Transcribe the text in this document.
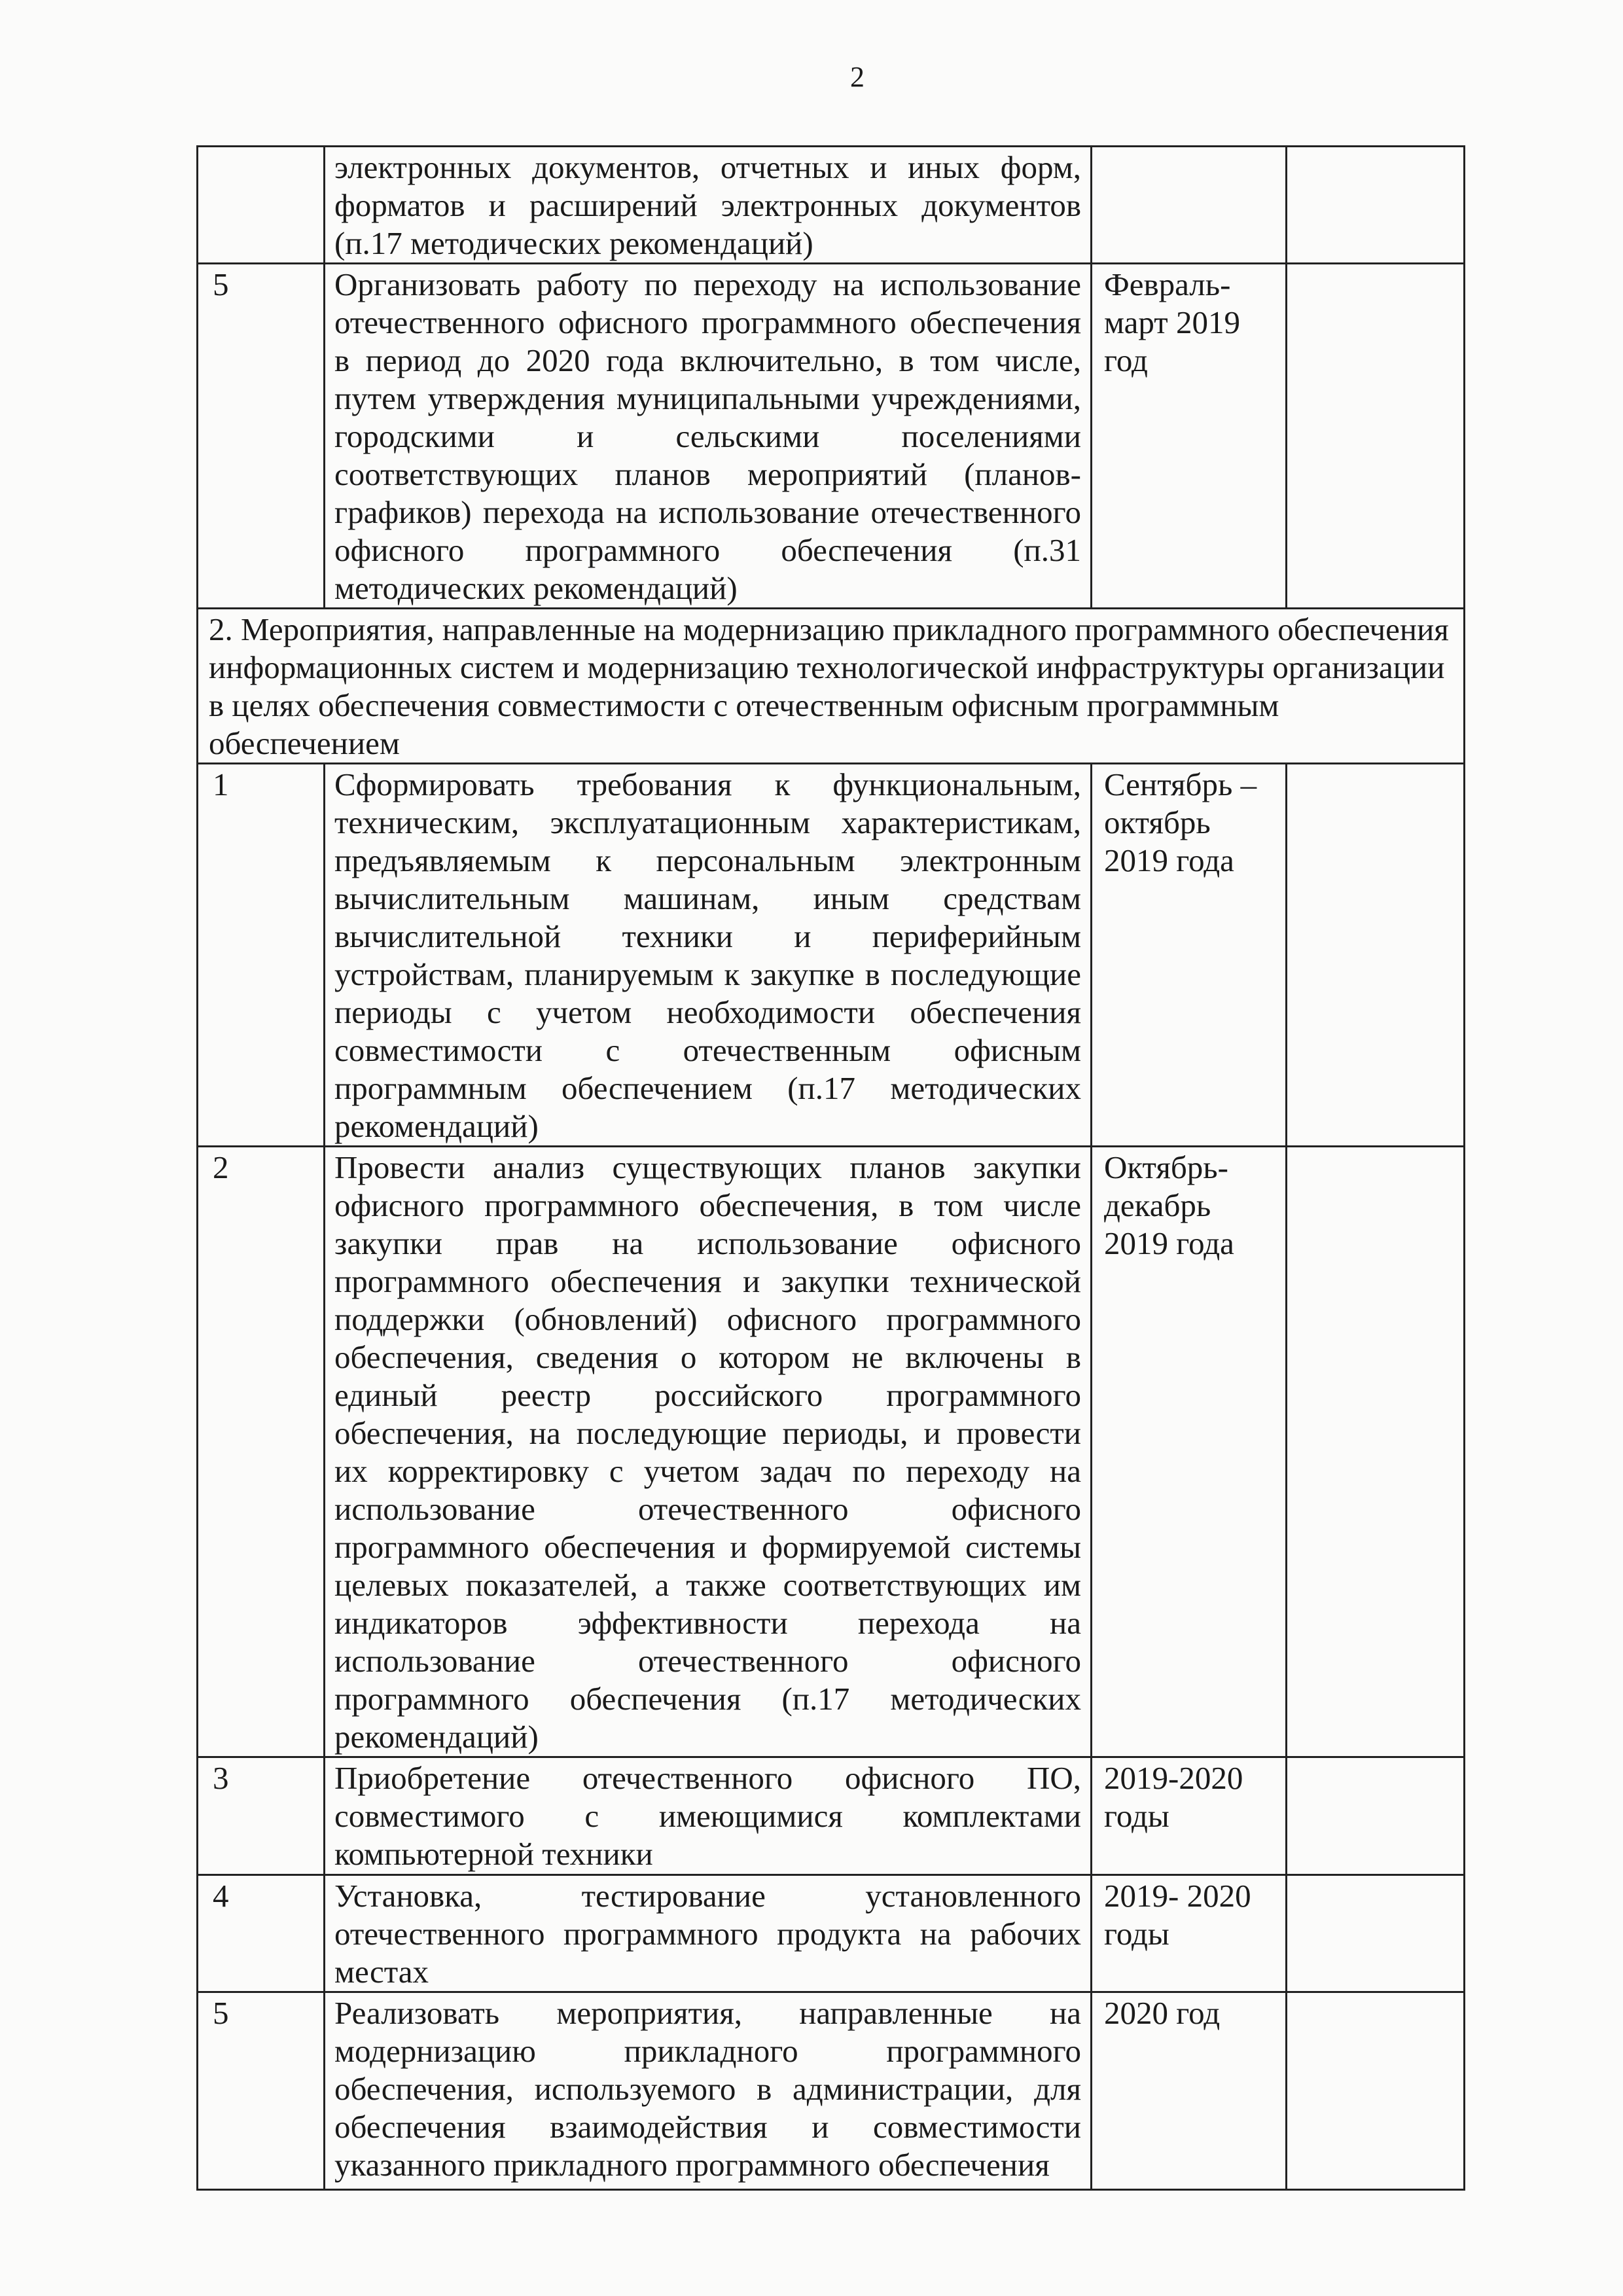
2
	электронных документов, отчетных и иных форм, форматов и расширений электронных документов (п.17 методических рекомендаций)		
5	Организовать работу по переходу на использование отечественного офисного программного обеспечения в период до 2020 года включительно, в том числе, путем утверждения муниципальными учреждениями, городскими и сельскими поселениями соответствующих планов мероприятий (планов-графиков) перехода на использование отечественного офисного программного обеспечения (п.31 методических рекомендаций)	Февраль-март 2019 год	
2. Мероприятия, направленные на модернизацию прикладного программного обеспечения информационных систем и модернизацию технологической инфраструктуры организации в целях обеспечения совместимости с отечественным офисным программным обеспечением			
1	Сформировать требования к функциональным, техническим, эксплуатационным характеристикам, предъявляемым к персональным электронным вычислительным машинам, иным средствам вычислительной техники и периферийным устройствам, планируемым к закупке в последующие периоды с учетом необходимости обеспечения совместимости с отечественным офисным программным обеспечением (п.17 методических рекомендаций)	Сентябрь – октябрь 2019 года	
2	Провести анализ существующих планов закупки офисного программного обеспечения, в том числе закупки прав на использование офисного программного обеспечения и закупки технической поддержки (обновлений) офисного программного обеспечения, сведения о котором не включены в единый реестр российского программного обеспечения, на последующие периоды, и провести их корректировку с учетом задач по переходу на использование отечественного офисного программного обеспечения и формируемой системы целевых показателей, а также соответствующих им индикаторов эффективности перехода на использование отечественного офисного программного обеспечения (п.17 методических рекомендаций)	Октябрь-декабрь 2019 года	
3	Приобретение отечественного офисного ПО, совместимого с имеющимися комплектами компьютерной техники	2019-2020 годы	
4	Установка, тестирование установленного отечественного программного продукта на рабочих местах	2019- 2020 годы	
5	Реализовать мероприятия, направленные на модернизацию прикладного программного обеспечения, используемого в администрации, для обеспечения взаимодействия и совместимости указанного прикладного программного обеспечения	2020 год	
